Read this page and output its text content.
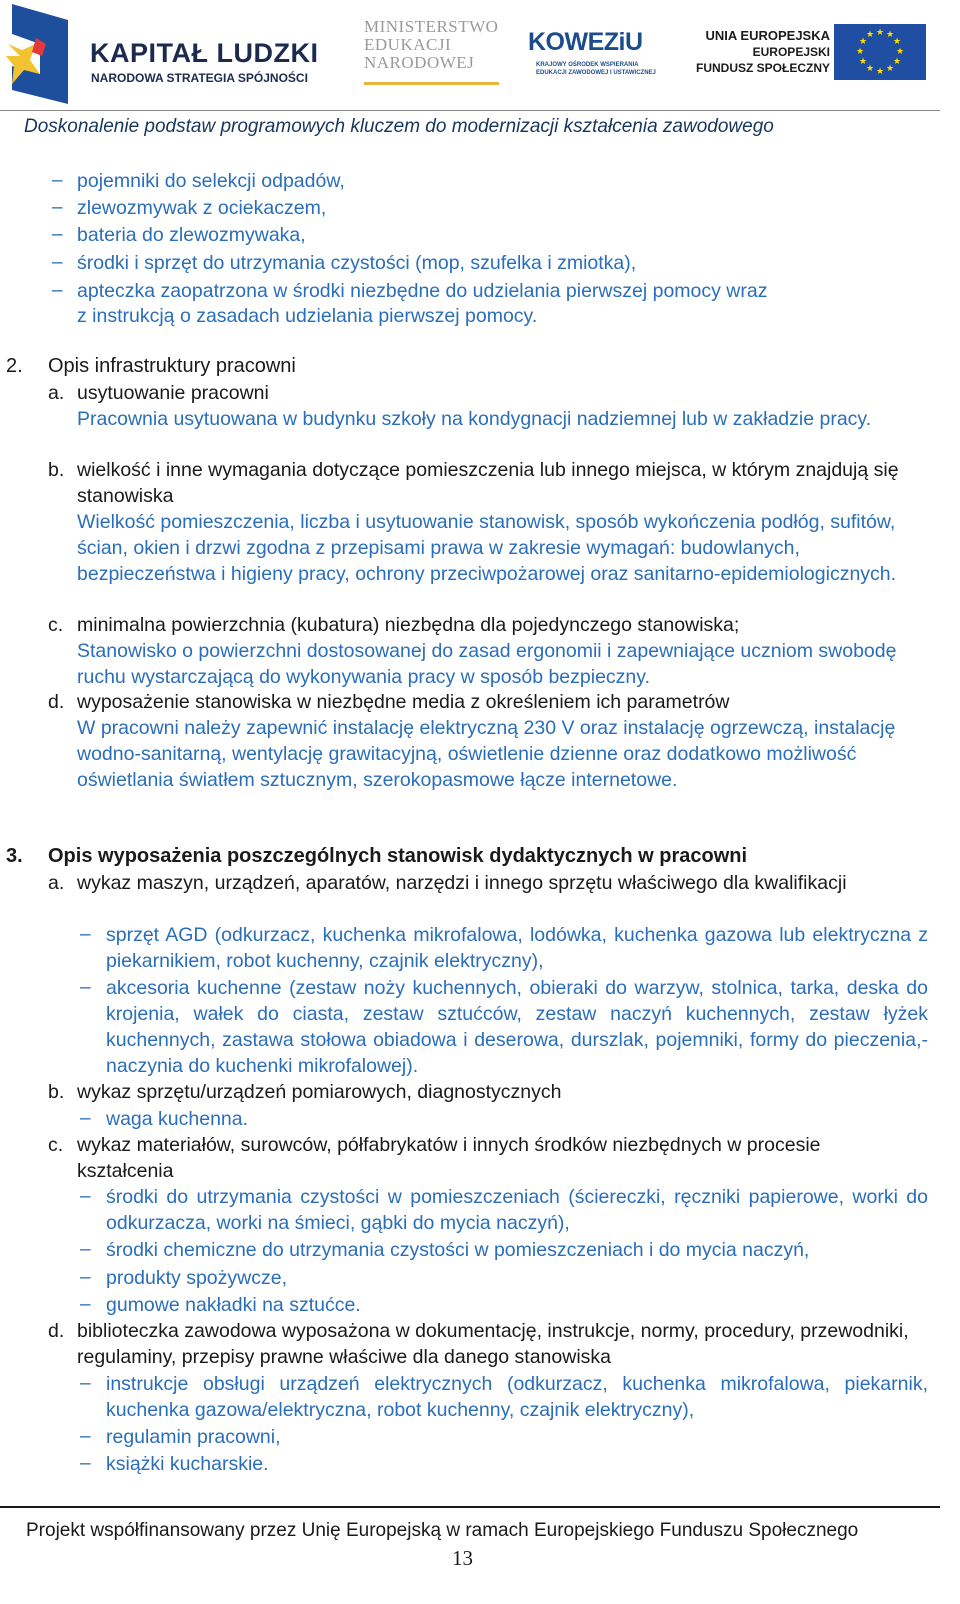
KAPITAŁ LUDZKI
NARODOWA STRATEGIA SPÓJNOŚCI
MINISTERSTWO
EDUKACJI
NARODOWEJ
KOWEZiU
KRAJOWY OŚRODEK WSPIERANIA
EDUKACJI ZAWODOWEJ I USTAWICZNEJ
UNIA EUROPEJSKA
EUROPEJSKI
FUNDUSZ SPOŁECZNY
★ ★
★
★
★
★
★
★
★
★
★
★
Doskonalenie podstaw programowych kluczem do modernizacji kształcenia zawodowego
– pojemniki do selekcji odpadów,
– zlewozmywak z ociekaczem,
– bateria do zlewozmywaka,
– środki i sprzęt do utrzymania czystości (mop, szufelka i zmiotka),
– apteczka zaopatrzona w środki niezbędne do udzielania pierwszej pomocy wraz
z instrukcją o zasadach udzielania pierwszej pomocy.
2. Opis infrastruktury pracowni
a. usytuowanie pracowni
Pracownia usytuowana w budynku szkoły na kondygnacji nadziemnej lub w zakładzie pracy.
b. wielkość i inne wymagania dotyczące pomieszczenia lub innego miejsca, w którym znajdują się stanowiska
Wielkość pomieszczenia, liczba i usytuowanie stanowisk, sposób wykończenia podłóg, sufitów, ścian, okien i drzwi zgodna z przepisami prawa w zakresie wymagań: budowlanych, bezpieczeństwa i higieny pracy, ochrony przeciwpożarowej oraz sanitarno-epidemiologicznych.
c. minimalna powierzchnia (kubatura) niezbędna dla pojedynczego stanowiska;
Stanowisko o powierzchni dostosowanej do zasad ergonomii i zapewniające uczniom swobodę ruchu wystarczającą do wykonywania pracy w sposób bezpieczny.
d. wyposażenie stanowiska w niezbędne media z określeniem ich parametrów
W pracowni należy zapewnić instalację elektryczną 230 V oraz instalację ogrzewczą, instalację wodno-sanitarną, wentylację grawitacyjną, oświetlenie dzienne oraz dodatkowo możliwość oświetlania światłem sztucznym, szerokopasmowe łącze internetowe.
3. Opis wyposażenia poszczególnych stanowisk dydaktycznych w pracowni
a. wykaz maszyn, urządzeń, aparatów, narzędzi i innego sprzętu właściwego dla kwalifikacji
– sprzęt AGD (odkurzacz, kuchenka mikrofalowa, lodówka, kuchenka gazowa lub elektryczna z piekarnikiem, robot kuchenny, czajnik elektryczny),
– akcesoria kuchenne (zestaw noży kuchennych, obieraki do warzyw, stolnica, tarka, deska do krojenia, wałek do ciasta, zestaw sztućców, zestaw naczyń kuchennych, zestaw łyżek kuchennych, zastawa stołowa obiadowa i deserowa, durszlak, pojemniki, formy do pieczenia,-naczynia do kuchenki mikrofalowej).
b. wykaz sprzętu/urządzeń pomiarowych, diagnostycznych
– waga kuchenna.
c. wykaz materiałów, surowców, półfabrykatów i innych środków niezbędnych w procesie kształcenia
– środki do utrzymania czystości w pomieszczeniach (ściereczki, ręczniki papierowe, worki do odkurzacza, worki na śmieci, gąbki do mycia naczyń),
– środki chemiczne do utrzymania czystości w pomieszczeniach i do mycia naczyń,
– produkty spożywcze,
– gumowe nakładki na sztućce.
d. biblioteczka zawodowa wyposażona w dokumentację, instrukcje, normy, procedury, przewodniki, regulaminy, przepisy prawne właściwe dla danego stanowiska
– instrukcje obsługi urządzeń elektrycznych (odkurzacz, kuchenka mikrofalowa, piekarnik, kuchenka gazowa/elektryczna, robot kuchenny, czajnik elektryczny),
– regulamin pracowni,
– książki kucharskie.
Projekt współfinansowany przez Unię Europejską w ramach Europejskiego Funduszu Społecznego
13
